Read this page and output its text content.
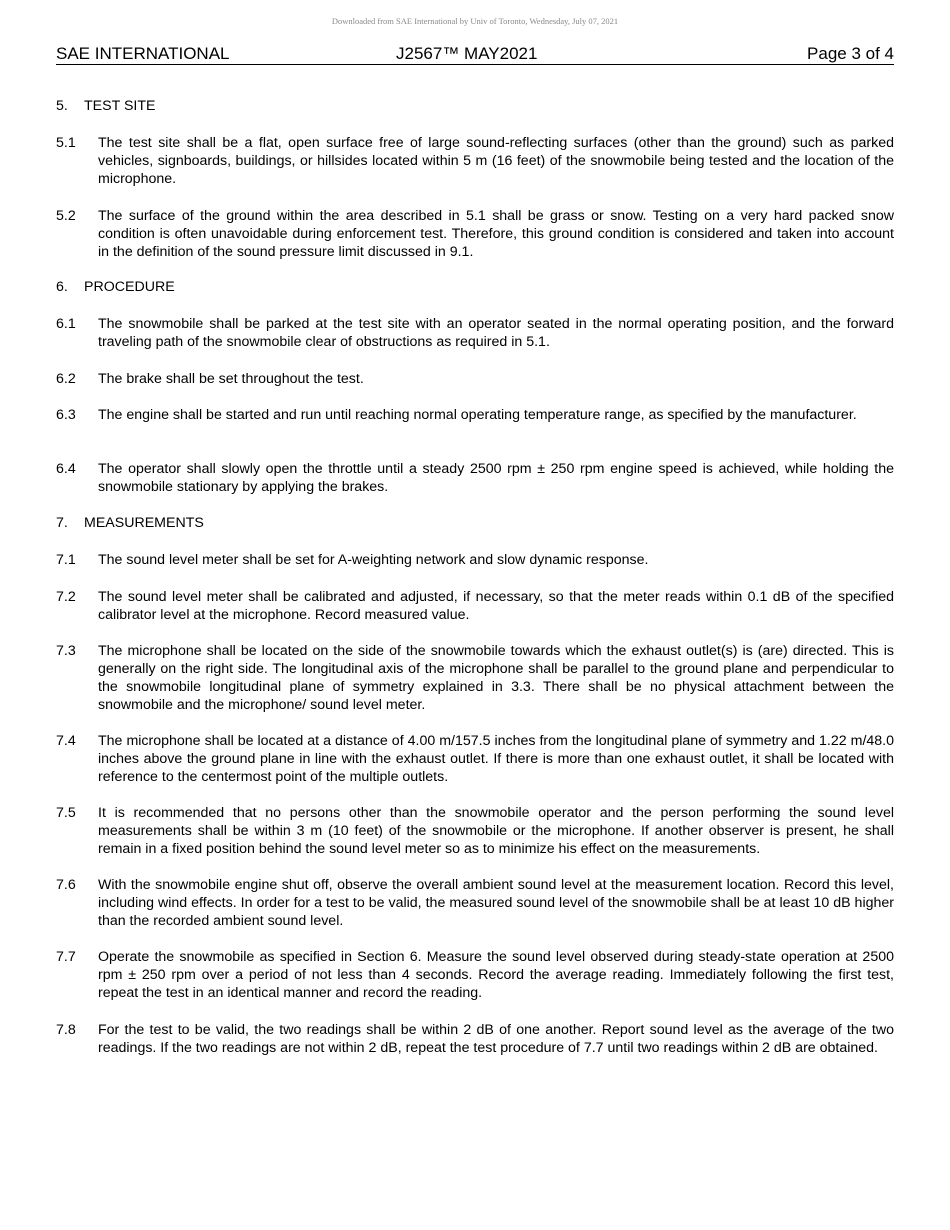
Downloaded from SAE International by Univ of Toronto, Wednesday, July 07, 2021
SAE INTERNATIONAL	J2567™ MAY2021	Page 3 of 4
5. TEST SITE
5.1 The test site shall be a flat, open surface free of large sound-reflecting surfaces (other than the ground) such as parked vehicles, signboards, buildings, or hillsides located within 5 m (16 feet) of the snowmobile being tested and the location of the microphone.
5.2 The surface of the ground within the area described in 5.1 shall be grass or snow. Testing on a very hard packed snow condition is often unavoidable during enforcement test. Therefore, this ground condition is considered and taken into account in the definition of the sound pressure limit discussed in 9.1.
6. PROCEDURE
6.1 The snowmobile shall be parked at the test site with an operator seated in the normal operating position, and the forward traveling path of the snowmobile clear of obstructions as required in 5.1.
6.2 The brake shall be set throughout the test.
6.3 The engine shall be started and run until reaching normal operating temperature range, as specified by the manufacturer.
6.4 The operator shall slowly open the throttle until a steady 2500 rpm ± 250 rpm engine speed is achieved, while holding the snowmobile stationary by applying the brakes.
7. MEASUREMENTS
7.1 The sound level meter shall be set for A-weighting network and slow dynamic response.
7.2 The sound level meter shall be calibrated and adjusted, if necessary, so that the meter reads within 0.1 dB of the specified calibrator level at the microphone. Record measured value.
7.3 The microphone shall be located on the side of the snowmobile towards which the exhaust outlet(s) is (are) directed. This is generally on the right side. The longitudinal axis of the microphone shall be parallel to the ground plane and perpendicular to the snowmobile longitudinal plane of symmetry explained in 3.3. There shall be no physical attachment between the snowmobile and the microphone/ sound level meter.
7.4 The microphone shall be located at a distance of 4.00 m/157.5 inches from the longitudinal plane of symmetry and 1.22 m/48.0 inches above the ground plane in line with the exhaust outlet. If there is more than one exhaust outlet, it shall be located with reference to the centermost point of the multiple outlets.
7.5 It is recommended that no persons other than the snowmobile operator and the person performing the sound level measurements shall be within 3 m (10 feet) of the snowmobile or the microphone. If another observer is present, he shall remain in a fixed position behind the sound level meter so as to minimize his effect on the measurements.
7.6 With the snowmobile engine shut off, observe the overall ambient sound level at the measurement location. Record this level, including wind effects. In order for a test to be valid, the measured sound level of the snowmobile shall be at least 10 dB higher than the recorded ambient sound level.
7.7 Operate the snowmobile as specified in Section 6. Measure the sound level observed during steady-state operation at 2500 rpm ± 250 rpm over a period of not less than 4 seconds. Record the average reading. Immediately following the first test, repeat the test in an identical manner and record the reading.
7.8 For the test to be valid, the two readings shall be within 2 dB of one another. Report sound level as the average of the two readings. If the two readings are not within 2 dB, repeat the test procedure of 7.7 until two readings within 2 dB are obtained.
